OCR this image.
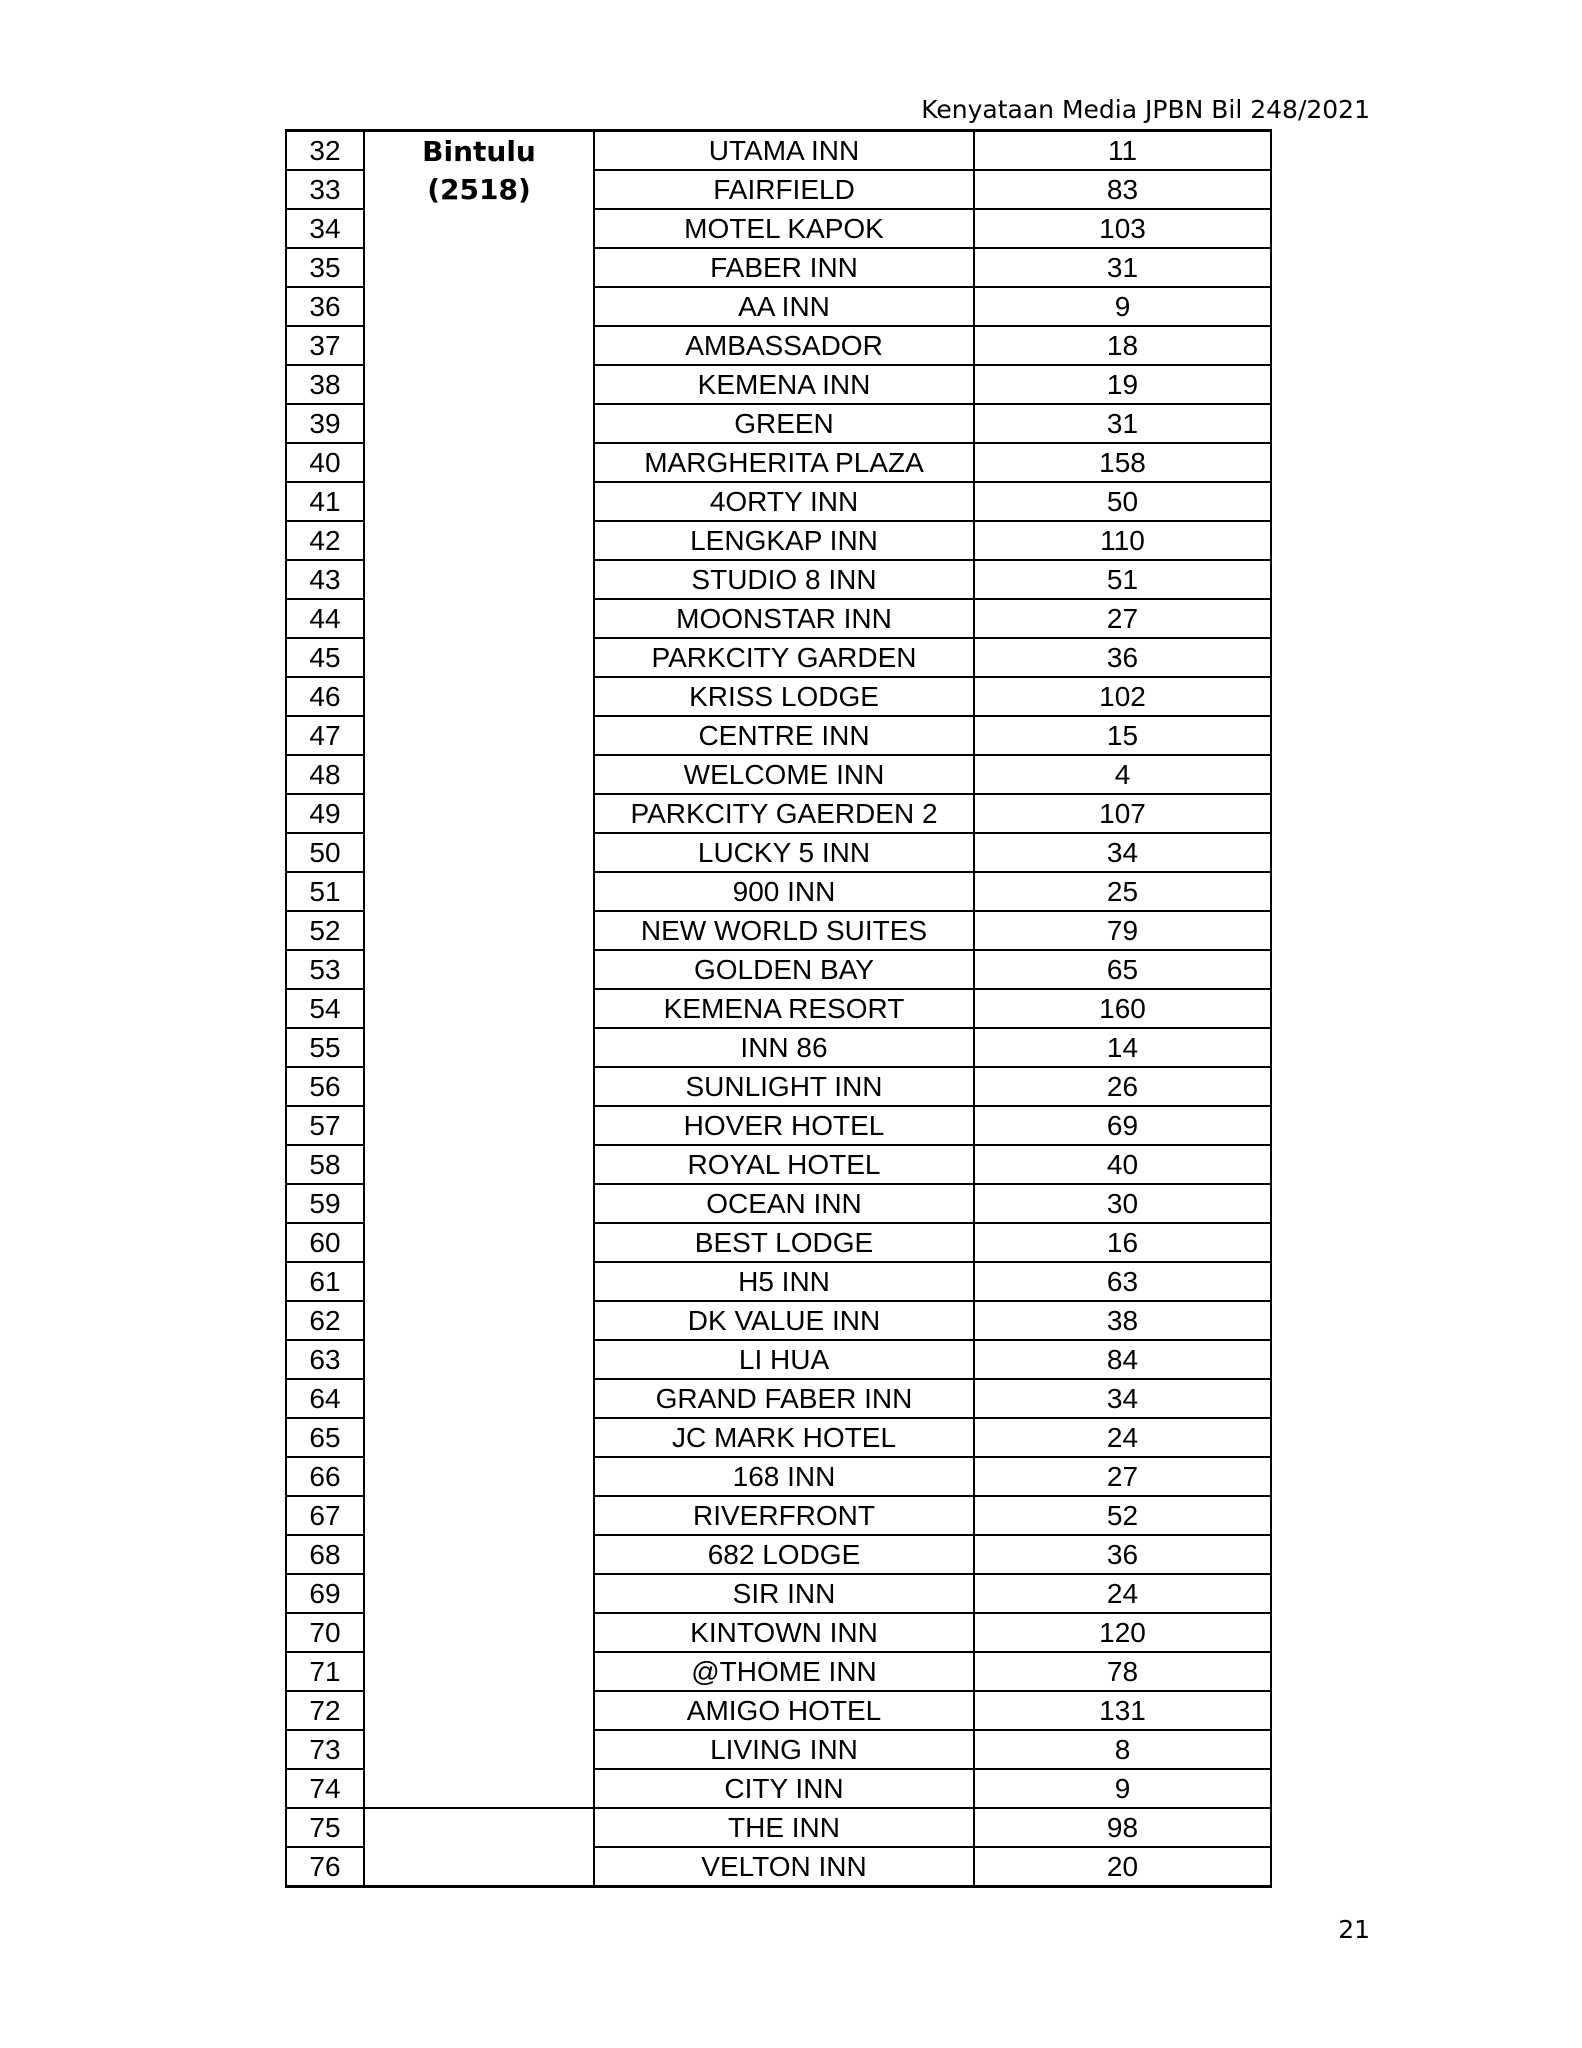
Kenyataan Media JPBN Bil 248/2021
32	Bintulu	UTAMA INN	11
33	(2518)	FAIRFIELD	83
34		MOTEL KAPOK	103
35		FABER INN	31
36		AA INN	9
37		AMBASSADOR	18
38		KEMENA INN	19
39		GREEN	31
40		MARGHERITA PLAZA	158
41		4ORTY INN	50
42		LENGKAP INN	110
43		STUDIO 8 INN	51
44		MOONSTAR INN	27
45		PARKCITY GARDEN	36
46		KRISS LODGE	102
47		CENTRE INN	15
48		WELCOME INN	4
49		PARKCITY GAERDEN 2	107
50		LUCKY 5 INN	34
51		900 INN	25
52		NEW WORLD SUITES	79
53		GOLDEN BAY	65
54		KEMENA RESORT	160
55		INN 86	14
56		SUNLIGHT INN	26
57		HOVER HOTEL	69
58		ROYAL HOTEL	40
59		OCEAN INN	30
60		BEST LODGE	16
61		H5 INN	63
62		DK VALUE INN	38
63		LI HUA	84
64		GRAND FABER INN	34
65		JC MARK HOTEL	24
66		168 INN	27
67		RIVERFRONT	52
68		682 LODGE	36
69		SIR INN	24
70		KINTOWN INN	120
71		@THOME INN	78
72		AMIGO HOTEL	131
73		LIVING INN	8
74		CITY INN	9
75		THE INN	98
76		VELTON INN	20
21
